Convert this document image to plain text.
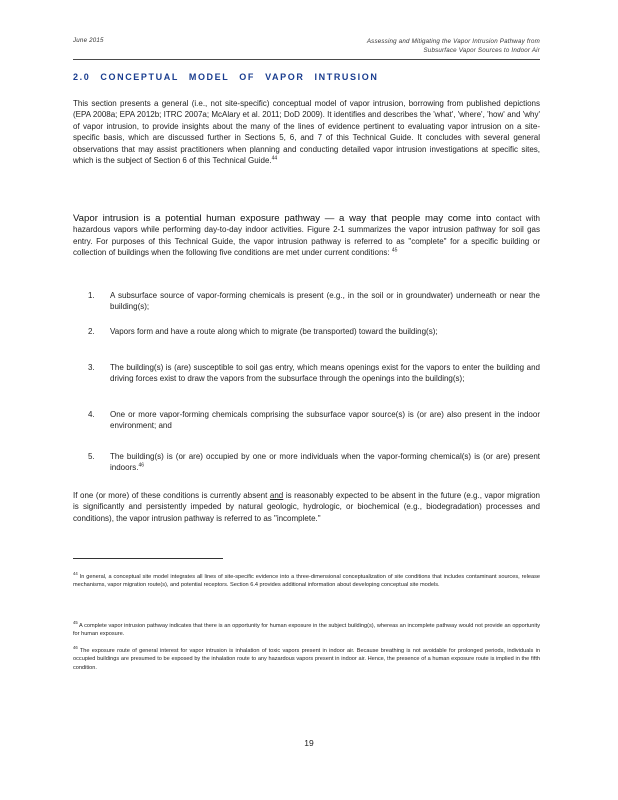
June 2015	Assessing and Mitigating the Vapor Intrusion Pathway from
Subsurface Vapor Sources to Indoor Air
2.0 CONCEPTUAL MODEL OF VAPOR INTRUSION
This section presents a general (i.e., not site-specific) conceptual model of vapor intrusion, borrowing from published depictions (EPA 2008a; EPA 2012b; ITRC 2007a; McAlary et al. 2011; DoD 2009). It identifies and describes the 'what', 'where', 'how' and 'why' of vapor intrusion, to provide insights about the many of the lines of evidence pertinent to evaluating vapor intrusion on a site-specific basis, which are discussed further in Sections 5, 6, and 7 of this Technical Guide. It concludes with several general observations that may assist practitioners when planning and conducting detailed vapor intrusion investigations at specific sites, which is the subject of Section 6 of this Technical Guide.$^{44}$
Vapor intrusion is a potential human exposure pathway — a way that people may come into contact with hazardous vapors while performing day-to-day indoor activities. Figure 2-1 summarizes the vapor intrusion pathway for soil gas entry. For purposes of this Technical Guide, the vapor intrusion pathway is referred to as "complete" for a specific building or collection of buildings when the following five conditions are met under current conditions: $^{45}$
1. A subsurface source of vapor-forming chemicals is present (e.g., in the soil or in groundwater) underneath or near the building(s);
2. Vapors form and have a route along which to migrate (be transported) toward the building(s);
3. The building(s) is (are) susceptible to soil gas entry, which means openings exist for the vapors to enter the building and driving forces exist to draw the vapors from the subsurface through the openings into the building(s);
4. One or more vapor-forming chemicals comprising the subsurface vapor source(s) is (or are) also present in the indoor environment; and
5. The building(s) is (or are) occupied by one or more individuals when the vapor-forming chemical(s) is (or are) present indoors.$^{46}$
If one (or more) of these conditions is currently absent and is reasonably expected to be absent in the future (e.g., vapor migration is significantly and persistently impeded by natural geologic, hydrologic, or biochemical (e.g., biodegradation) processes and conditions), the vapor intrusion pathway is referred to as "incomplete."
$^{44}$ In general, a conceptual site model integrates all lines of site-specific evidence into a three-dimensional conceptualization of site conditions that includes contaminant sources, release mechanisms, vapor migration route(s), and potential receptors. Section 6.4 provides additional information about developing conceptual site models.
$^{45}$ A complete vapor intrusion pathway indicates that there is an opportunity for human exposure in the subject building(s), whereas an incomplete pathway would not provide an opportunity for human exposure.
$^{46}$ The exposure route of general interest for vapor intrusion is inhalation of toxic vapors present in indoor air. Because breathing is not avoidable for prolonged periods, individuals in occupied buildings are presumed to be exposed by the inhalation route to any hazardous vapors present in indoor air. Hence, the presence of a human exposure route is implied in the fifth condition.
19
